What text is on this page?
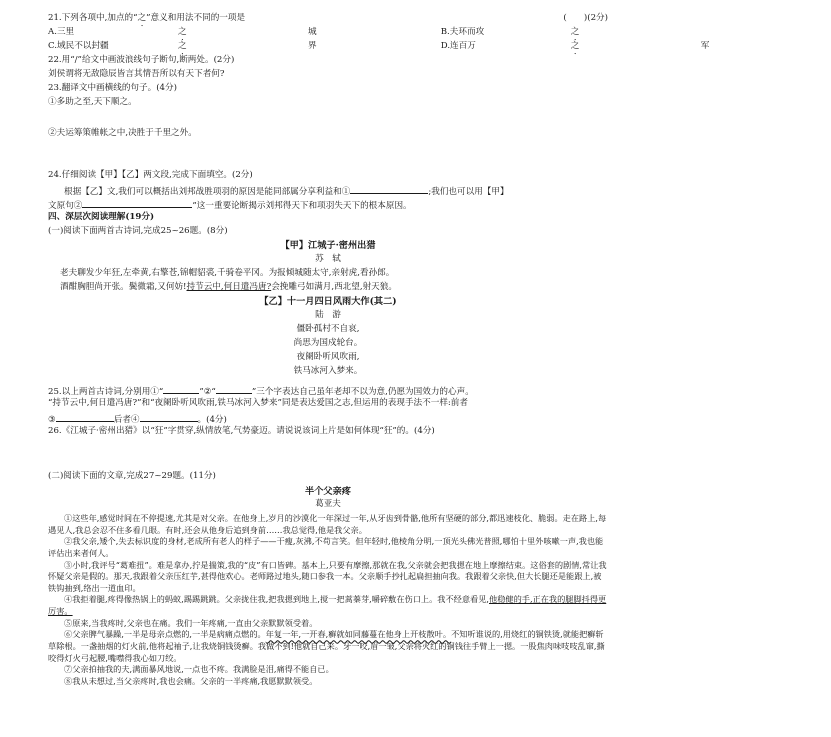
21.下列各项中,加点的“之”意义和用法不同的一项是	(　　)(2分)
A.三里	之	城	B.夫环而攻	之
C.域民不以封疆	之	界	D.连百万	之	军
22.用“/”给文中画波浪线句子断句,断两处。(2分)
刘侯谓将无敌隐辰皆言其情吾所以有天下者何?
23.翻译文中画横线的句子。(4分)
①多助之至,天下顺之。
②夫运筹策帷帐之中,决胜于千里之外。
24.仔细阅读【甲】【乙】两文段,完成下面填空。(2分)
根据【乙】文,我们可以概括出刘邦战胜项羽的原因是能同部属分享利益和①	;我们也可以用【甲】
文原句②	”这一重要论断揭示刘邦得天下和项羽失天下的根本原因。
四、深层次阅读理解(19分)
(一)阅读下面两首古诗词,完成25~26题。(8分)
【甲】江城子·密州出猎
苏　轼
老夫聊发少年狂,左牵黄,右擎苍,锦帽貂裘,千骑卷平冈。为报倾城随太守,亲射虎,看孙郎。
酒酣胸胆尚开张。鬓微霜,又何妨!持节云中,何日遣冯唐?会挽雕弓如满月,西北望,射天狼。
【乙】十一月四日风雨大作(其二)
陆　游
僵卧孤村不自哀,
尚思为国戍轮台。
夜阑卧听风吹雨,
铁马冰河入梦来。
25.以上两首古诗词,分别用①“	”②“	”三个字表达自己虽年老却不以为意,仍愿为国效力的心声。
“持节云中,何日遣冯唐?”和“夜阑卧听风吹雨,铁马冰河入梦来”同是表达爱国之志,但运用的表现手法不一样:前者
③	后者④	。(4分)
26.《江城子·密州出猎》以“狂”字贯穿,纵情放笔,气势豪迈。请说说该词上片是如何体现“狂”的。(4分)
(二)阅读下面的文章,完成27~29题。(11分)
半个父亲疼
葛亚夫

①这些年,感觉时间在不停提速,尤其是对父亲。在他身上,岁月的沙漠化一年深过一年,从牙齿到骨骼,他所有坚硬的部分,都迅速枝化、脆弱。走在路上,每遇见人,我总会忍不住多看几眼。有时,还会从他身后追到身前……我总觉得,他是我父亲。

②我父亲,矮个,失去标识度的身材,老成所有老人的样子——干瘦,灰沸,不苟言笑。但年轻时,他棱角分明,一顶光头佛光普照,哪怕十里外咳嗽一声,我也能评估出来者何人。

③小时,我评号“葛难扭”。难是拿办,拧是揣策,我的“皮”有口皆碑。基本上,只要有摩擦,那就在我,父亲就会把我摁在地上摩擦结束。这俗套的剧情,常让我怀疑父亲是假的。那天,我跟着父亲压红芋,甚得他欢心。老师路过地头,随口参我一本。父亲顺手抄扎起扁担抽向我。我跟着父亲快,但大长腿还是能跟上,被铁钩抽到,络出一道血印。

④我拒着腿,疼得像热锅上的蚂蚁,踢踢跳跳。父亲拢住我,把我摁到地上,搅一把蒿蓁芽,嚼碎敷在伤口上。我不经意看见,他稳健的手,正在我的腿脚抖得更厉害。

⑤原来,当我疼时,父亲也在痛。我们一年疼痛,一直由父亲默默领受着。

⑥父亲脾气暴躁,一半是母亲点燃的,一半是病痛点燃的。年复一年,一开春,癣就如同藤蔓在他身上开枝散叶。不知听谁说的,用烧红的铜铁烫,就能把癣斩草除根。一盏抽烟的灯火前,他将起袖子,让我烧铜钱烫癣。我做不到!他就自己来。牙一咬,眉一皱,父亲将火红的铜钱往手臂上一摁。一股焦肉味吱吱乱窜,撕咬得灯火弓起腰,嘴噤得我心如刀绞。

⑦父亲拍抽我的夫,满面暴风地说,一点也不疼。我满脸是泪,痛得不能自已。

⑧我从未想过,当父亲疼时,我也会痛。父亲的一半疼痛,我愿默默领受。
